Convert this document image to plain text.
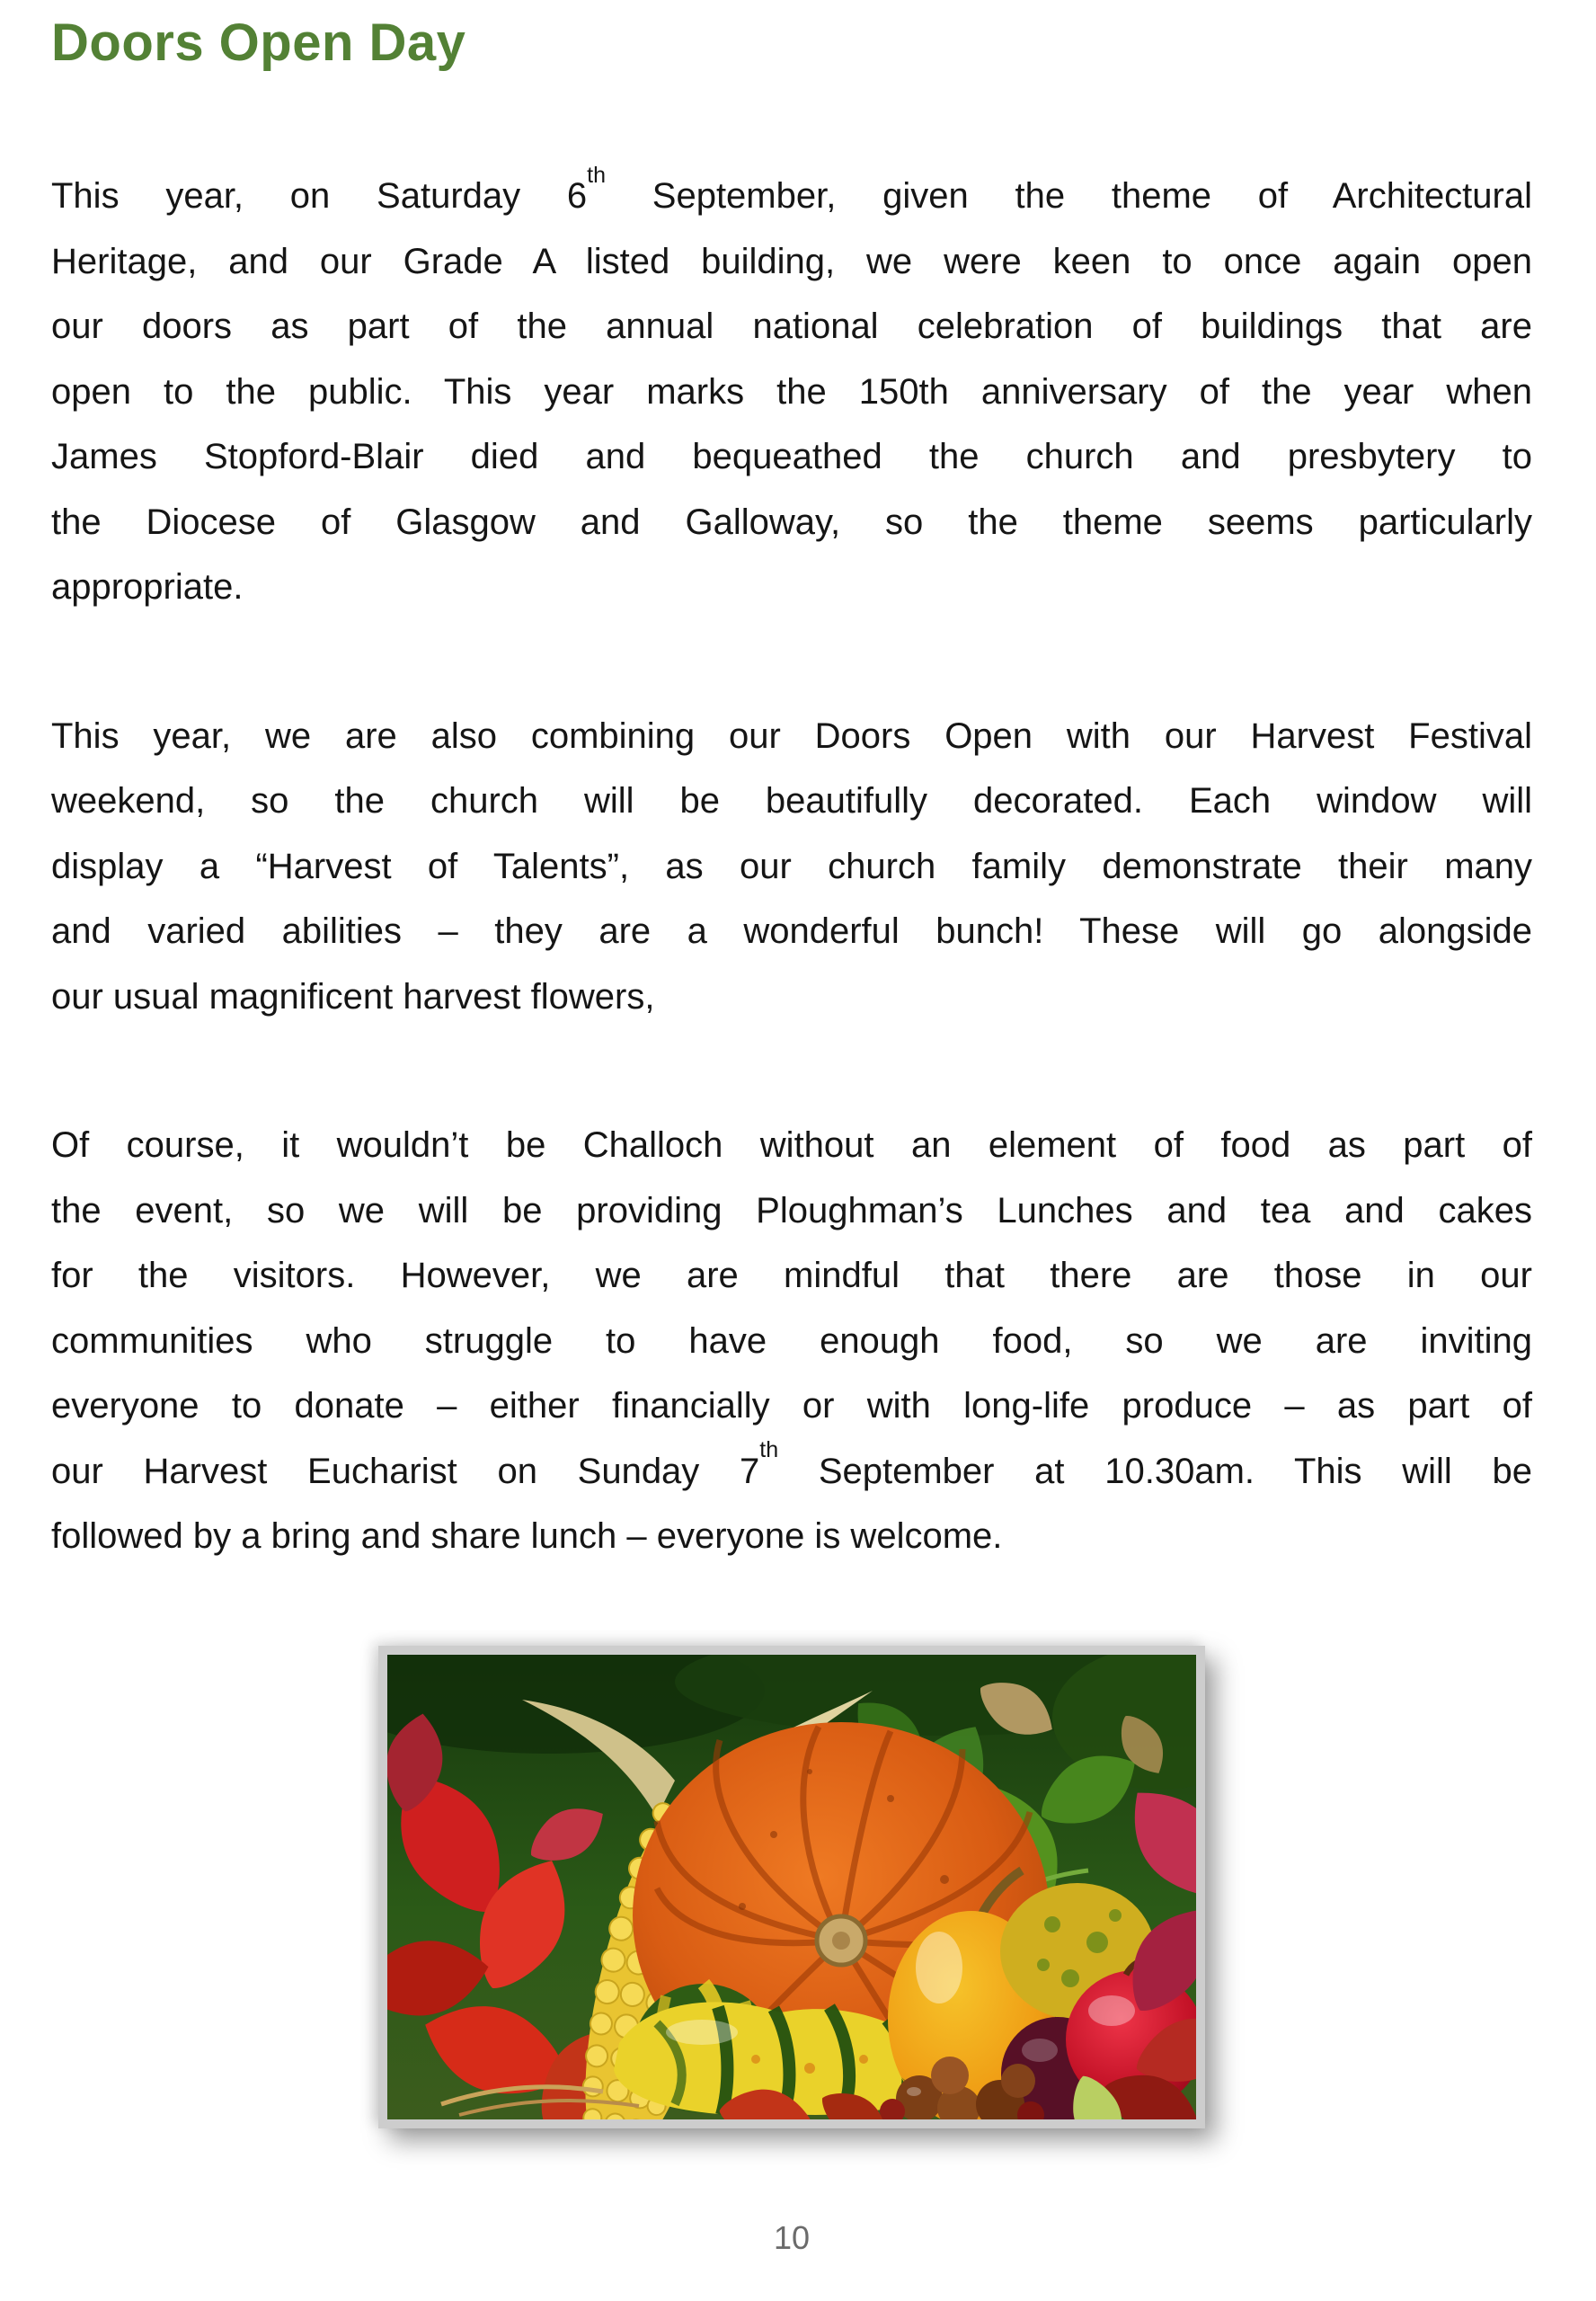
Doors Open Day
This year, on Saturday 6th September, given the theme of Architectural
Heritage, and our Grade A listed building, we were keen to once again open
our doors as part of the annual national celebration of buildings that are
open to the public. This year marks the 150th anniversary of the year when
James Stopford-Blair died and bequeathed the church and presbytery to
the Diocese of Glasgow and Galloway, so the theme seems particularly
appropriate.
This year, we are also combining our Doors Open with our Harvest Festival
weekend, so the church will be beautifully decorated. Each window will
display a “Harvest of Talents”, as our church family demonstrate their many
and varied abilities – they are a wonderful bunch! These will go alongside
our usual magnificent harvest flowers,
Of course, it wouldn’t be Challoch without an element of food as part of
the event, so we will be providing Ploughman’s Lunches and tea and cakes
for the visitors. However, we are mindful that there are those in our
communities who struggle to have enough food, so we are inviting
everyone to donate – either financially or with long-life produce – as part of
our Harvest Eucharist on Sunday 7th September at 10.30am. This will be
followed by a bring and share lunch – everyone is welcome.
10
